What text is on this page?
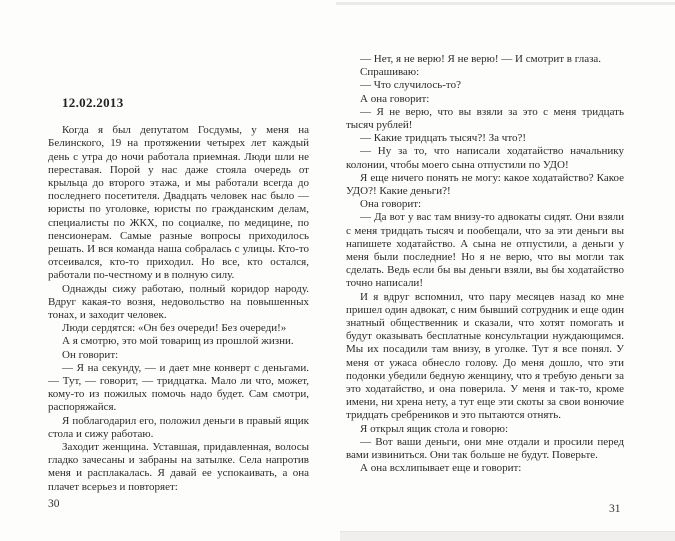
12.02.2013

Когда я был депутатом Госдумы, у меня на Белинского, 19 на протяжении четырех лет каждый день с утра до ночи работала приемная. Люди шли не переставая. Порой у нас даже стояла очередь от крыльца до второго этажа, и мы работали всегда до последнего посетителя. Двадцать человек нас было — юристы по уголовке, юристы по гражданским делам, специалисты по ЖКХ, по социалке, по медицине, по пенсионерам. Самые разные вопросы приходилось решать. И вся команда наша собралась с улицы. Кто-то отсеивался, кто-то приходил. Но все, кто остался, работали по-честному и в полную силу.

Однажды сижу работаю, полный коридор народу. Вдруг какая-то возня, недовольство на повышенных тонах, и заходит человек.

Люди сердятся: «Он без очереди! Без очереди!»

А я смотрю, это мой товарищ из прошлой жизни.

Он говорит:

— Я на секунду, — и дает мне конверт с деньгами. — Тут, — говорит, — тридцатка. Мало ли что, может, кому-то из пожилых помочь надо будет. Сам смотри, распоряжайся.

Я поблагодарил его, положил деньги в правый ящик стола и сижу работаю.

Заходит женщина. Уставшая, придавленная, волосы гладко зачесаны и забраны на затылке. Села напротив меня и расплакалась. Я давай ее успокаивать, а она плачет всерьез и повторяет:

— Нет, я не верю! Я не верю! — И смотрит в глаза.

Спрашиваю:

— Что случилось-то?

А она говорит:

— Я не верю, что вы взяли за это с меня тридцать тысяч рублей!

— Какие тридцать тысяч?! За что?!

— Ну за то, что написали ходатайство начальнику колонии, чтобы моего сына отпустили по УДО!

Я еще ничего понять не могу: какое ходатайство? Какое УДО?! Какие деньги?!

Она говорит:

— Да вот у вас там внизу-то адвокаты сидят. Они взяли с меня тридцать тысяч и пообещали, что за эти деньги вы напишете ходатайство. А сына не отпустили, а деньги у меня были последние! Но я не верю, что вы могли так сделать. Ведь если бы вы деньги взяли, вы бы ходатайство точно написали!

И я вдруг вспомнил, что пару месяцев назад ко мне пришел один адвокат, с ним бывший сотрудник и еще один знатный общественник и сказали, что хотят помогать и будут оказывать бесплатные консультации нуждающимся. Мы их посадили там внизу, в уголке. Тут я все понял. У меня от ужаса обнесло голову. До меня дошло, что эти подонки убедили бедную женщину, что я требую деньги за это ходатайство, и она поверила. У меня и так-то, кроме имени, ни хрена нету, а тут еще эти скоты за свои вонючие тридцать сребреников и это пытаются отнять.

Я открыл ящик стола и говорю:

— Вот ваши деньги, они мне отдали и просили перед вами извиниться. Они так больше не будут. Поверьте.

А она всхлипывает еще и говорит:

30	31
